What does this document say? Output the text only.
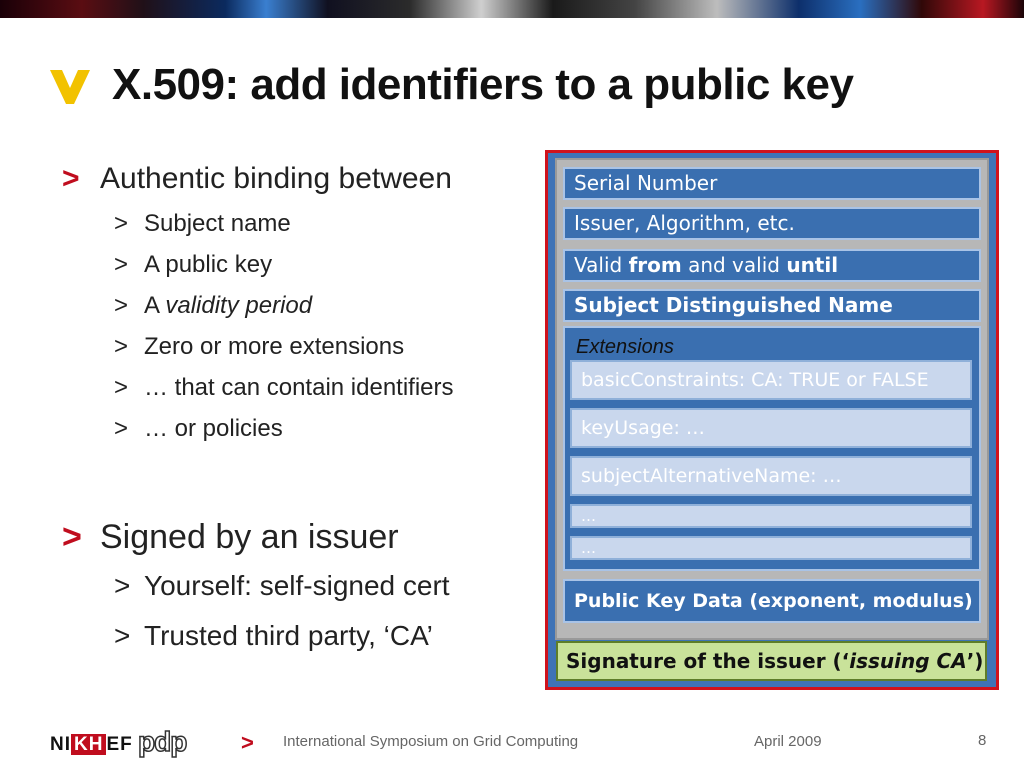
X.509: add identifiers to a public key
> Authentic binding between
> Subject name
> A public key
> A validity period
> Zero or more extensions
> … that can contain identifiers
> … or policies
> Signed by an issuer
> Yourself: self-signed cert
> Trusted third party, ‘CA’
Serial Number
Issuer, Algorithm, etc.
Valid from and valid until
Subject Distinguished Name
Extensions
basicConstraints: CA: TRUE or FALSE
keyUsage: …
subjectAlternativeName: …
…
…
Public Key Data (exponent, modulus)
Signature of the issuer (‘issuing CA’)
NI KH EF pdp > International Symposium on Grid Computing	April 2009	8
